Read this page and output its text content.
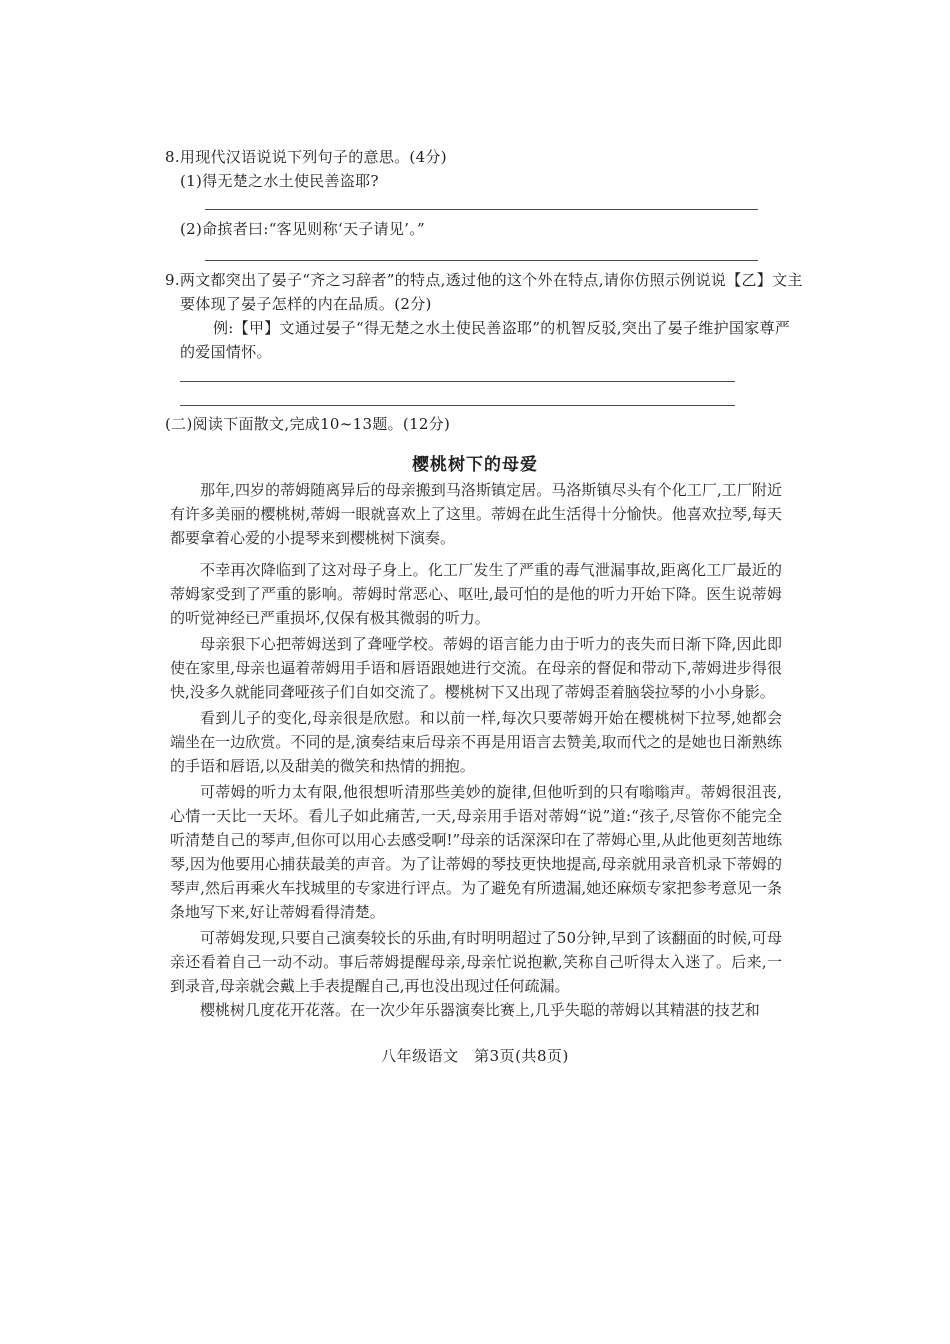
8.用现代汉语说说下列句子的意思。(4分)
(1)得无楚之水土使民善盗耶?
(2)命摈者曰:“客见则称‘天子请见’。”
9.两文都突出了晏子“齐之习辞者”的特点,透过他的这个外在特点,请你仿照示例说说【乙】文主
要体现了晏子怎样的内在品质。(2分)
例:【甲】文通过晏子“得无楚之水土使民善盗耶”的机智反驳,突出了晏子维护国家尊严
的爱国情怀。
(二)阅读下面散文,完成10~13题。(12分)
樱桃树下的母爱

那年,四岁的蒂姆随离异后的母亲搬到马洛斯镇定居。马洛斯镇尽头有个化工厂,工厂附近有许多美丽的樱桃树,蒂姆一眼就喜欢上了这里。蒂姆在此生活得十分愉快。他喜欢拉琴,每天都要拿着心爱的小提琴来到樱桃树下演奏。

不幸再次降临到了这对母子身上。化工厂发生了严重的毒气泄漏事故,距离化工厂最近的蒂姆家受到了严重的影响。蒂姆时常恶心、呕吐,最可怕的是他的听力开始下降。医生说蒂姆的听觉神经已严重损坏,仅保有极其微弱的听力。

母亲狠下心把蒂姆送到了聋哑学校。蒂姆的语言能力由于听力的丧失而日渐下降,因此即使在家里,母亲也逼着蒂姆用手语和唇语跟她进行交流。在母亲的督促和带动下,蒂姆进步得很快,没多久就能同聋哑孩子们自如交流了。樱桃树下又出现了蒂姆歪着脑袋拉琴的小小身影。

看到儿子的变化,母亲很是欣慰。和以前一样,每次只要蒂姆开始在樱桃树下拉琴,她都会端坐在一边欣赏。不同的是,演奏结束后母亲不再是用语言去赞美,取而代之的是她也日渐熟练的手语和唇语,以及甜美的微笑和热情的拥抱。

可蒂姆的听力太有限,他很想听清那些美妙的旋律,但他听到的只有嗡嗡声。蒂姆很沮丧,心情一天比一天坏。看儿子如此痛苦,一天,母亲用手语对蒂姆“说”道:“孩子,尽管你不能完全听清楚自己的琴声,但你可以用心去感受啊!”母亲的话深深印在了蒂姆心里,从此他更刻苦地练琴,因为他要用心捕获最美的声音。为了让蒂姆的琴技更快地提高,母亲就用录音机录下蒂姆的琴声,然后再乘火车找城里的专家进行评点。为了避免有所遗漏,她还麻烦专家把参考意见一条条地写下来,好让蒂姆看得清楚。

可蒂姆发现,只要自己演奏较长的乐曲,有时明明超过了50分钟,早到了该翻面的时候,可母亲还看着自己一动不动。事后蒂姆提醒母亲,母亲忙说抱歉,笑称自己听得太入迷了。后来,一到录音,母亲就会戴上手表提醒自己,再也没出现过任何疏漏。

樱桃树几度花开花落。在一次少年乐器演奏比赛上,几乎失聪的蒂姆以其精湛的技艺和

八年级语文　第3页(共8页)
